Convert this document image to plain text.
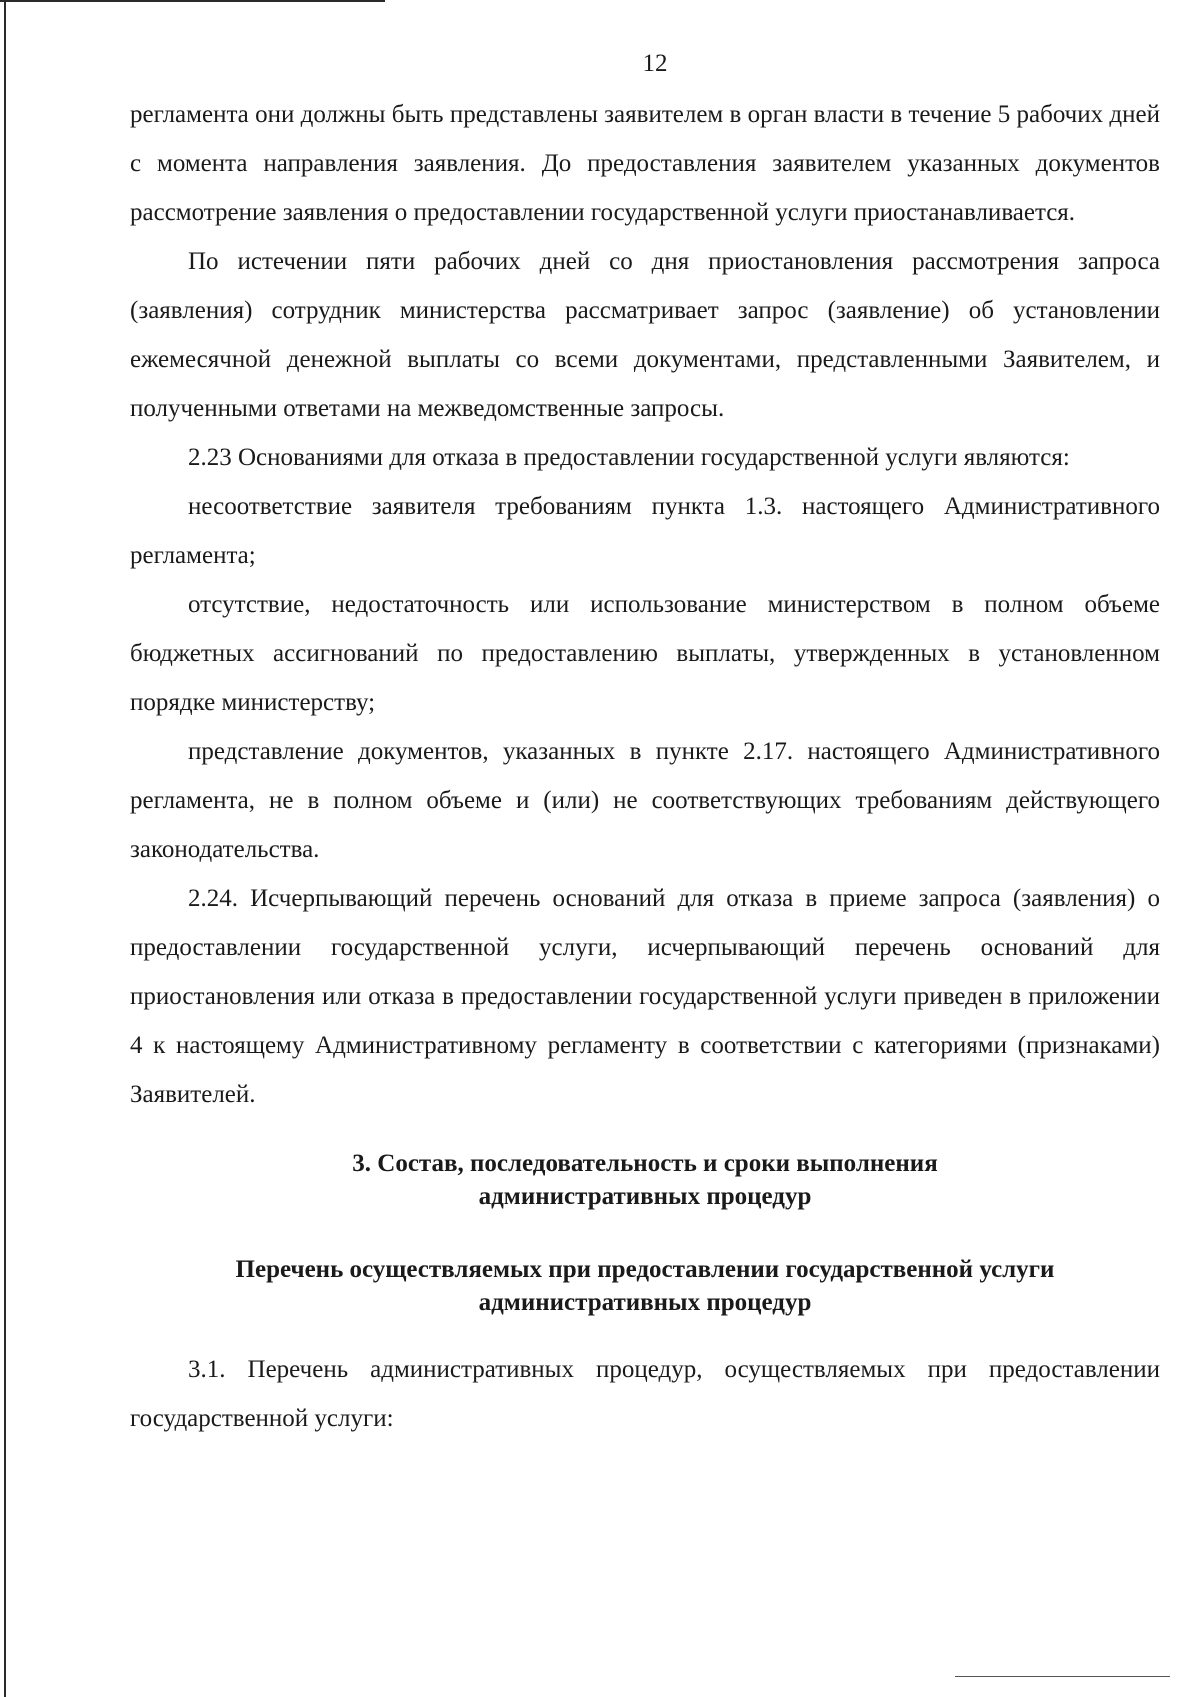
12

регламента они должны быть представлены заявителем в орган власти в течение 5 рабочих дней с момента направления заявления. До предоставления заявителем указанных документов рассмотрение заявления о предоставлении государственной услуги приостанавливается.

По истечении пяти рабочих дней со дня приостановления рассмотрения запроса (заявления) сотрудник министерства рассматривает запрос (заявление) об установлении ежемесячной денежной выплаты со всеми документами, представленными Заявителем, и полученными ответами на межведомственные запросы.

2.23 Основаниями для отказа в предоставлении государственной услуги являются:

несоответствие заявителя требованиям пункта 1.3. настоящего Административного регламента;

отсутствие, недостаточность или использование министерством в полном объеме бюджетных ассигнований по предоставлению выплаты, утвержденных в установленном порядке министерству;

представление документов, указанных в пункте 2.17. настоящего Административного регламента, не в полном объеме и (или) не соответствующих требованиям действующего законодательства.

2.24. Исчерпывающий перечень оснований для отказа в приеме запроса (заявления) о предоставлении государственной услуги, исчерпывающий перечень оснований для приостановления или отказа в предоставлении государственной услуги приведен в приложении 4 к настоящему Административному регламенту в соответствии с категориями (признаками) Заявителей.

3. Состав, последовательность и сроки выполнения
административных процедур
Перечень осуществляемых при предоставлении государственной услуги
административных процедур

3.1. Перечень административных процедур, осуществляемых при предоставлении государственной услуги:
